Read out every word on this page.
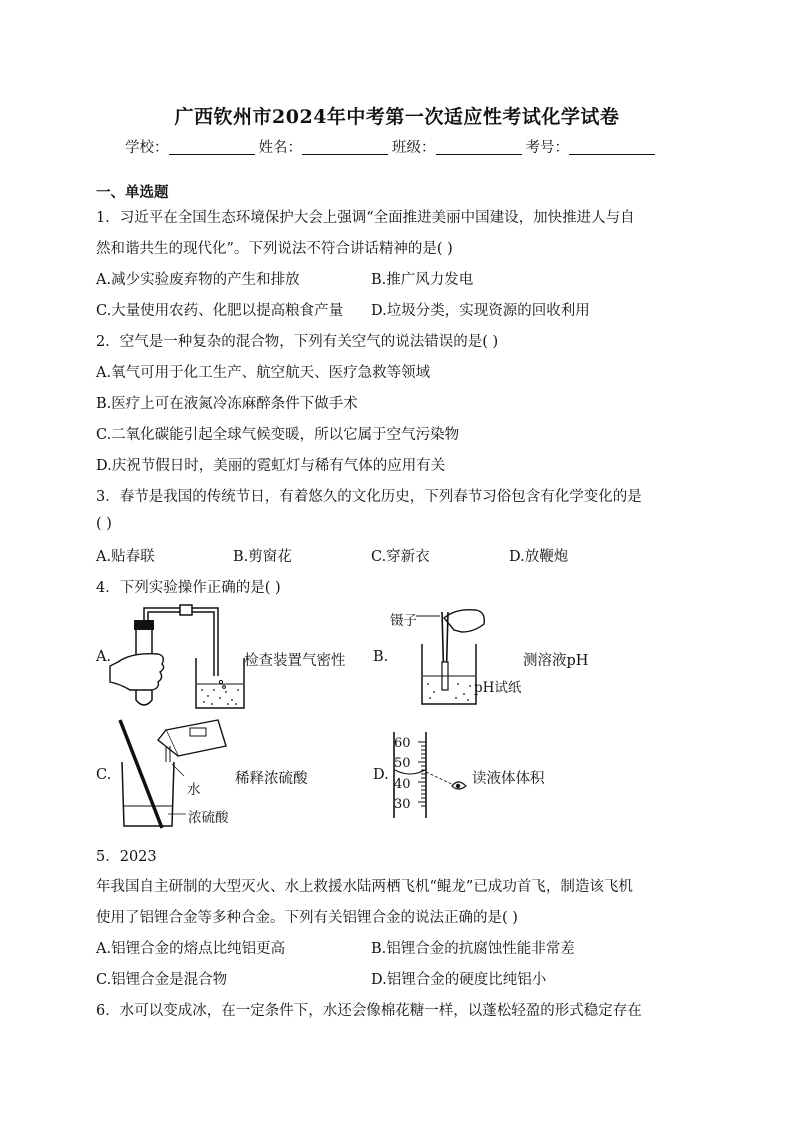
广西钦州市2024年中考第一次适应性考试化学试卷
学校：	姓名：	班级：	考号：
一、单选题
1．习近平在全国生态环境保护大会上强调“全面推进美丽中国建设，加快推进人与自
然和谐共生的现代化”。下列说法不符合讲话精神的是( )
A.减少实验废弃物的产生和排放	B.推广风力发电
C.大量使用农药、化肥以提高粮食产量 D.垃圾分类，实现资源的回收利用
2．空气是一种复杂的混合物，下列有关空气的说法错误的是( )
A.氧气可用于化工生产、航空航天、医疗急救等领域
B.医疗上可在液氮冷冻麻醉条件下做手术
C.二氧化碳能引起全球气候变暖，所以它属于空气污染物
D.庆祝节假日时，美丽的霓虹灯与稀有气体的应用有关
3．春节是我国的传统节日，有着悠久的文化历史，下列春节习俗包含有化学变化的是
( )
A.贴春联	B.剪窗花	C.穿新衣	D.放鞭炮
4．下列实验操作正确的是( )
A.	检查装置气密性 B.
镊子
pH试纸
测溶液pH
C.
水
浓硫酸
稀释浓硫酸	D.
60
50
40
30
读液体体积
5．2023
年我国自主研制的大型灭火、水上救援水陆两栖飞机“鲲龙”已成功首飞，制造该飞机
使用了铝锂合金等多种合金。下列有关铝锂合金的说法正确的是( )
A.铝锂合金的熔点比纯铝更高	B.铝锂合金的抗腐蚀性能非常差
C.铝锂合金是混合物	D.铝锂合金的硬度比纯铝小
6．水可以变成冰，在一定条件下，水还会像棉花糖一样，以蓬松轻盈的形式稳定存在
